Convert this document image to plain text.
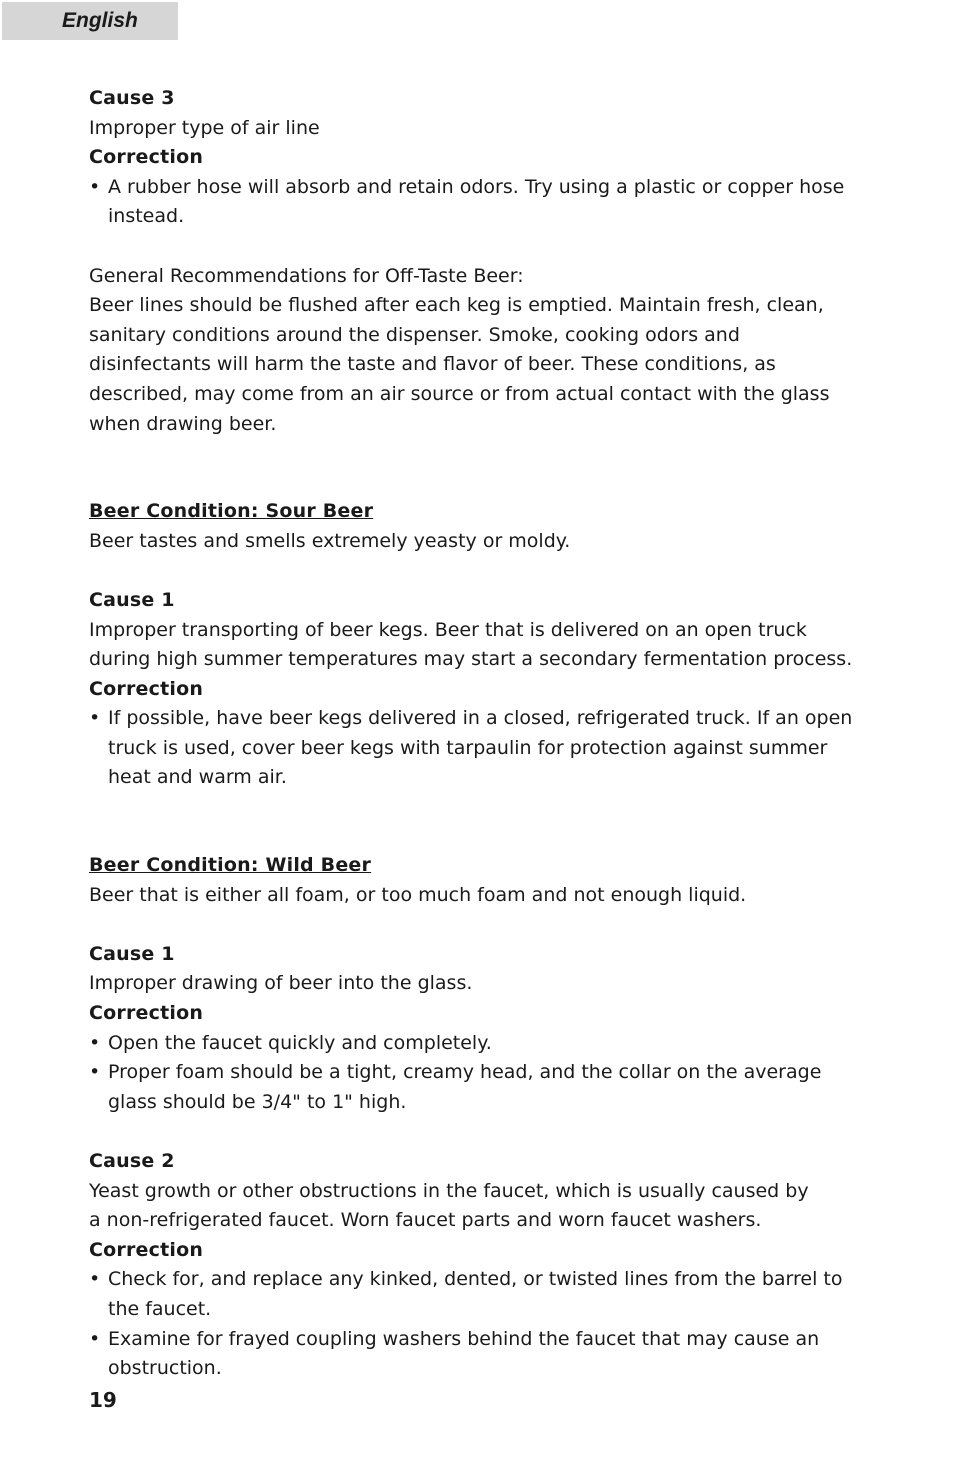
English

Cause 3

Improper type of air line

Correction

• A rubber hose will absorb and retain odors. Try using a plastic or copper hose instead.

General Recommendations for Off-Taste Beer:

Beer lines should be flushed after each keg is emptied. Maintain fresh, clean, sanitary conditions around the dispenser. Smoke, cooking odors and disinfectants will harm the taste and flavor of beer. These conditions, as described, may come from an air source or from actual contact with the glass when drawing beer.

Beer Condition: Sour Beer

Beer tastes and smells extremely yeasty or moldy.

Cause 1

Improper transporting of beer kegs. Beer that is delivered on an open truck during high summer temperatures may start a secondary fermentation process.

Correction

• If possible, have beer kegs delivered in a closed, refrigerated truck. If an open truck is used, cover beer kegs with tarpaulin for protection against summer heat and warm air.

Beer Condition: Wild Beer

Beer that is either all foam, or too much foam and not enough liquid.

Cause 1

Improper drawing of beer into the glass.

Correction

• Open the faucet quickly and completely.

• Proper foam should be a tight, creamy head, and the collar on the average glass should be 3/4" to 1" high.

Cause 2

Yeast growth or other obstructions in the faucet, which is usually caused by

a non-refrigerated faucet. Worn faucet parts and worn faucet washers.

Correction

• Check for, and replace any kinked, dented, or twisted lines from the barrel to the faucet.

• Examine for frayed coupling washers behind the faucet that may cause an obstruction.

19
